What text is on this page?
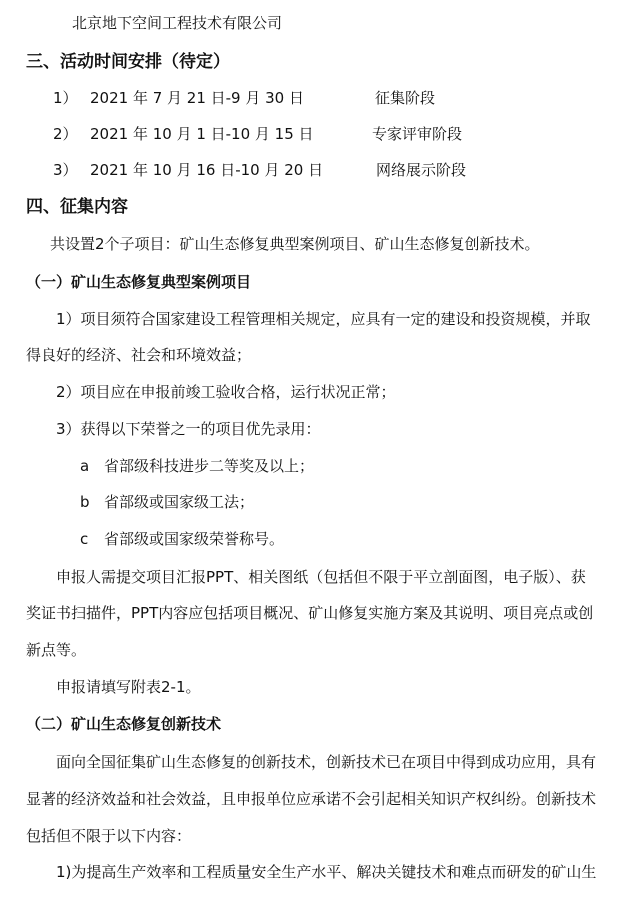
北京地下空间工程技术有限公司
三、活动时间安排（待定）
1） 2021 年 7 月 21 日-9 月 30 日	征集阶段
2） 2021 年 10 月 1 日-10 月 15 日	专家评审阶段
3） 2021 年 10 月 16 日-10 月 20 日	网络展示阶段
四、征集内容
共设置2个子项目：矿山生态修复典型案例项目、矿山生态修复创新技术。
（一）矿山生态修复典型案例项目
1）项目须符合国家建设工程管理相关规定，应具有一定的建设和投资规模，并取
得良好的经济、社会和环境效益；
2）项目应在申报前竣工验收合格，运行状况正常；
3）获得以下荣誉之一的项目优先录用：
a 省部级科技进步二等奖及以上；
b 省部级或国家级工法；
c 省部级或国家级荣誉称号。
申报人需提交项目汇报PPT、相关图纸（包括但不限于平立剖面图，电子版）、获
奖证书扫描件，PPT内容应包括项目概况、矿山修复实施方案及其说明、项目亮点或创
新点等。
申报请填写附表2-1。
（二）矿山生态修复创新技术
面向全国征集矿山生态修复的创新技术，创新技术已在项目中得到成功应用，具有
显著的经济效益和社会效益，且申报单位应承诺不会引起相关知识产权纠纷。创新技术
包括但不限于以下内容：
1)为提高生产效率和工程质量安全生产水平、解决关键技术和难点而研发的矿山生
